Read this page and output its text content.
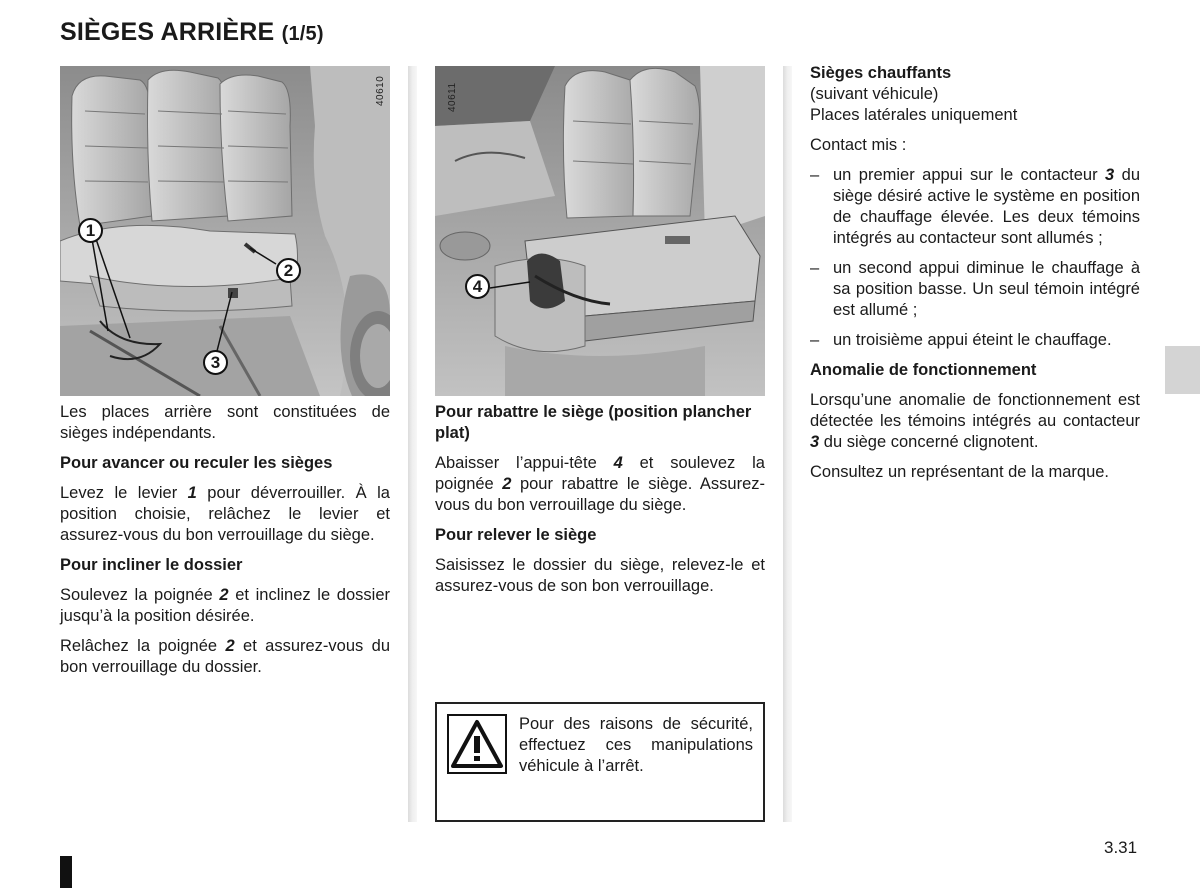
SIÈGES ARRIÈRE (1/5)
40610
1
2
3
40611
4

Les places arrière sont constituées de sièges indépendants.

Pour avancer ou reculer les sièges

Levez le levier 1 pour déverrouiller. À la position choisie, relâchez le levier et assurez-vous du bon verrouillage du siège.

Pour incliner le dossier

Soulevez la poignée 2 et inclinez le dossier jusqu’à la position désirée.

Relâchez la poignée 2 et assurez-vous du bon verrouillage du dossier.

Pour rabattre le siège (position plancher plat)

Abaisser l’appui-tête 4 et soulevez la poignée 2 pour rabattre le siège. Assurez-vous du bon verrouillage du siège.

Pour relever le siège

Saisissez le dossier du siège, relevez-le et assurez-vous de son bon verrouillage.

Pour des raisons de sécurité, effectuez ces manipulations véhicule à l’arrêt.
Sièges chauffants

(suivant véhicule)

Places latérales uniquement

Contact mis :

– un premier appui sur le contacteur 3 du siège désiré active le système en position de chauffage élevée. Les deux témoins intégrés au contacteur sont allumés ;
– un second appui diminue le chauffage à sa position basse. Un seul témoin intégré est allumé ;
– un troisième appui éteint le chauffage.
Anomalie de fonctionnement

Lorsqu’une anomalie de fonctionnement est détectée les témoins intégrés au contacteur 3 du siège concerné clignotent.

Consultez un représentant de la marque.

3.31
